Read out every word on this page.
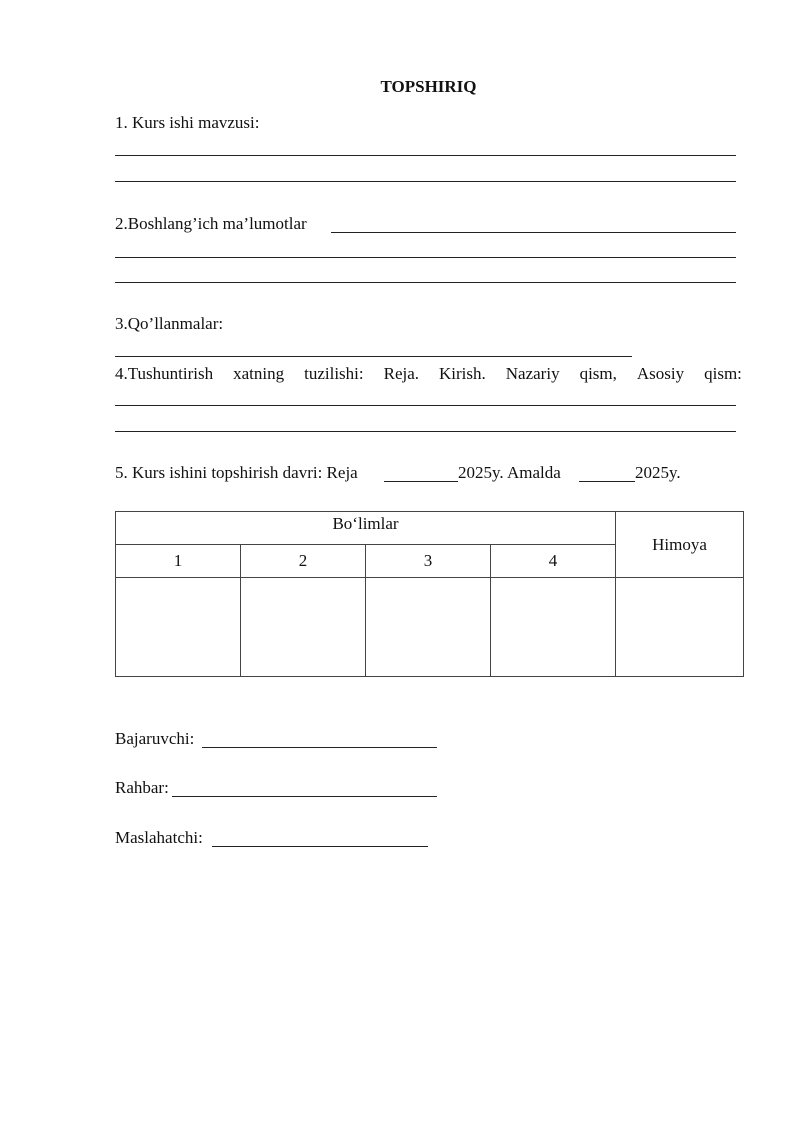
TOPSHIRIQ
1. Kurs ishi mavzusi:
2.Boshlang’ich ma’lumotlar
3.Qo’llanmalar:
4.Tushuntirish xatning tuzilishi: Reja. Kirish. Nazariy qism, Asosiy qism:
5. Kurs ishini topshirish davri: Reja	2025y. Amalda	2025y.
Bo‘limlar				Himoya
1	2	3	4	

Bajaruvchi:
Rahbar:
Maslahatchi:
